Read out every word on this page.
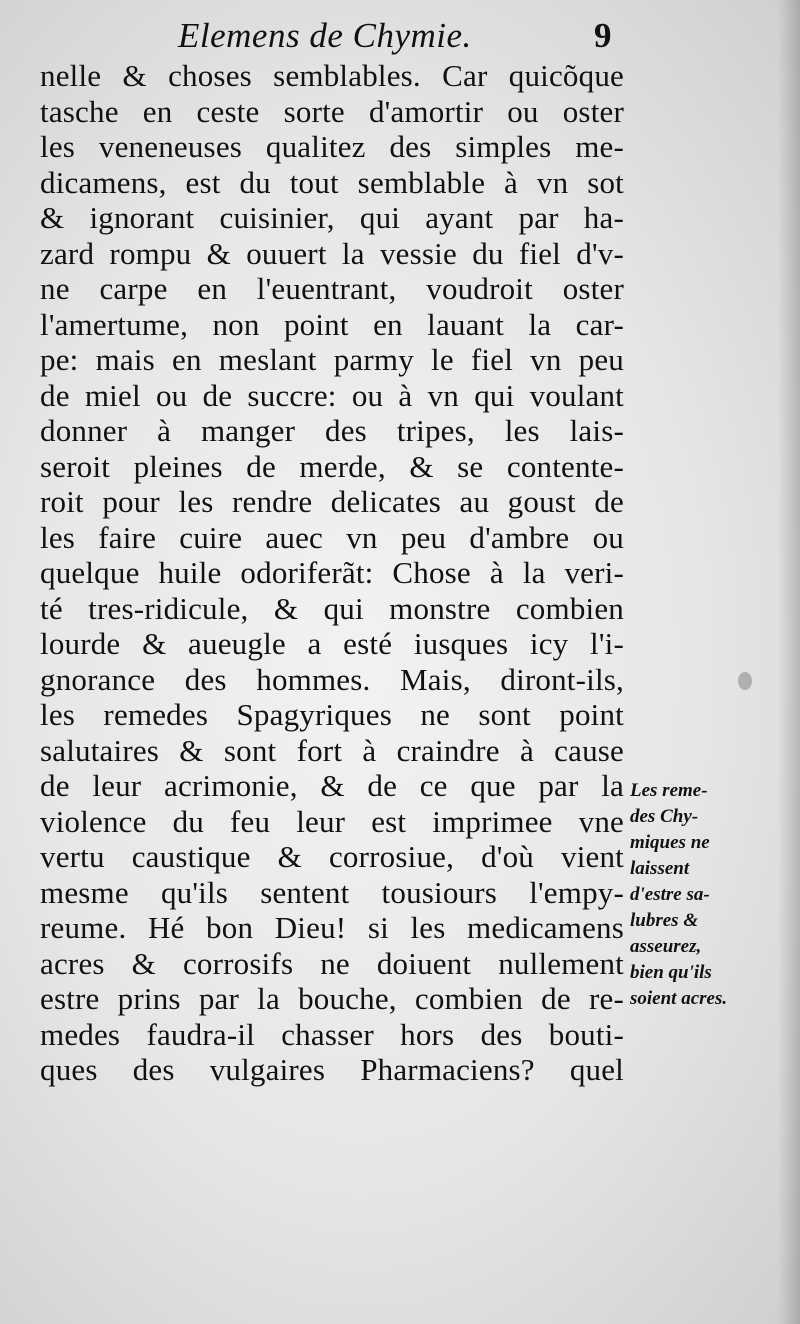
Elemens de Chymie.	9
nelle & choses semblables. Car quicõque
tasche en ceste sorte d'amortir ou oster
les veneneuses qualitez des simples me-
dicamens, est du tout semblable à vn sot
& ignorant cuisinier, qui ayant par ha-
zard rompu & ouuert la vessie du fiel d'v-
ne carpe en l'euentrant, voudroit oster
l'amertume, non point en lauant la car-
pe: mais en meslant parmy le fiel vn peu
de miel ou de succre: ou à vn qui voulant
donner à manger des tripes, les lais-
seroit pleines de merde, & se contente-
roit pour les rendre delicates au goust de
les faire cuire auec vn peu d'ambre ou
quelque huile odoriferãt: Chose à la veri-
té tres-ridicule, & qui monstre combien
lourde & aueugle a esté iusques icy l'i-
gnorance des hommes. Mais, diront-ils,
les remedes Spagyriques ne sont point
salutaires & sont fort à craindre à cause
de leur acrimonie, & de ce que par la
violence du feu leur est imprimee vne
vertu caustique & corrosiue, d'où vient
mesme qu'ils sentent tousiours l'empy-
reume. Hé bon Dieu! si les medicamens
acres & corrosifs ne doiuent nullement
estre prins par la bouche, combien de re-
medes faudra-il chasser hors des bouti-
ques des vulgaires Pharmaciens? quel
Les reme-
des Chy-
miques ne
laissent
d'estre sa-
lubres &
asseurez,
bien qu'ils
soient acres.
